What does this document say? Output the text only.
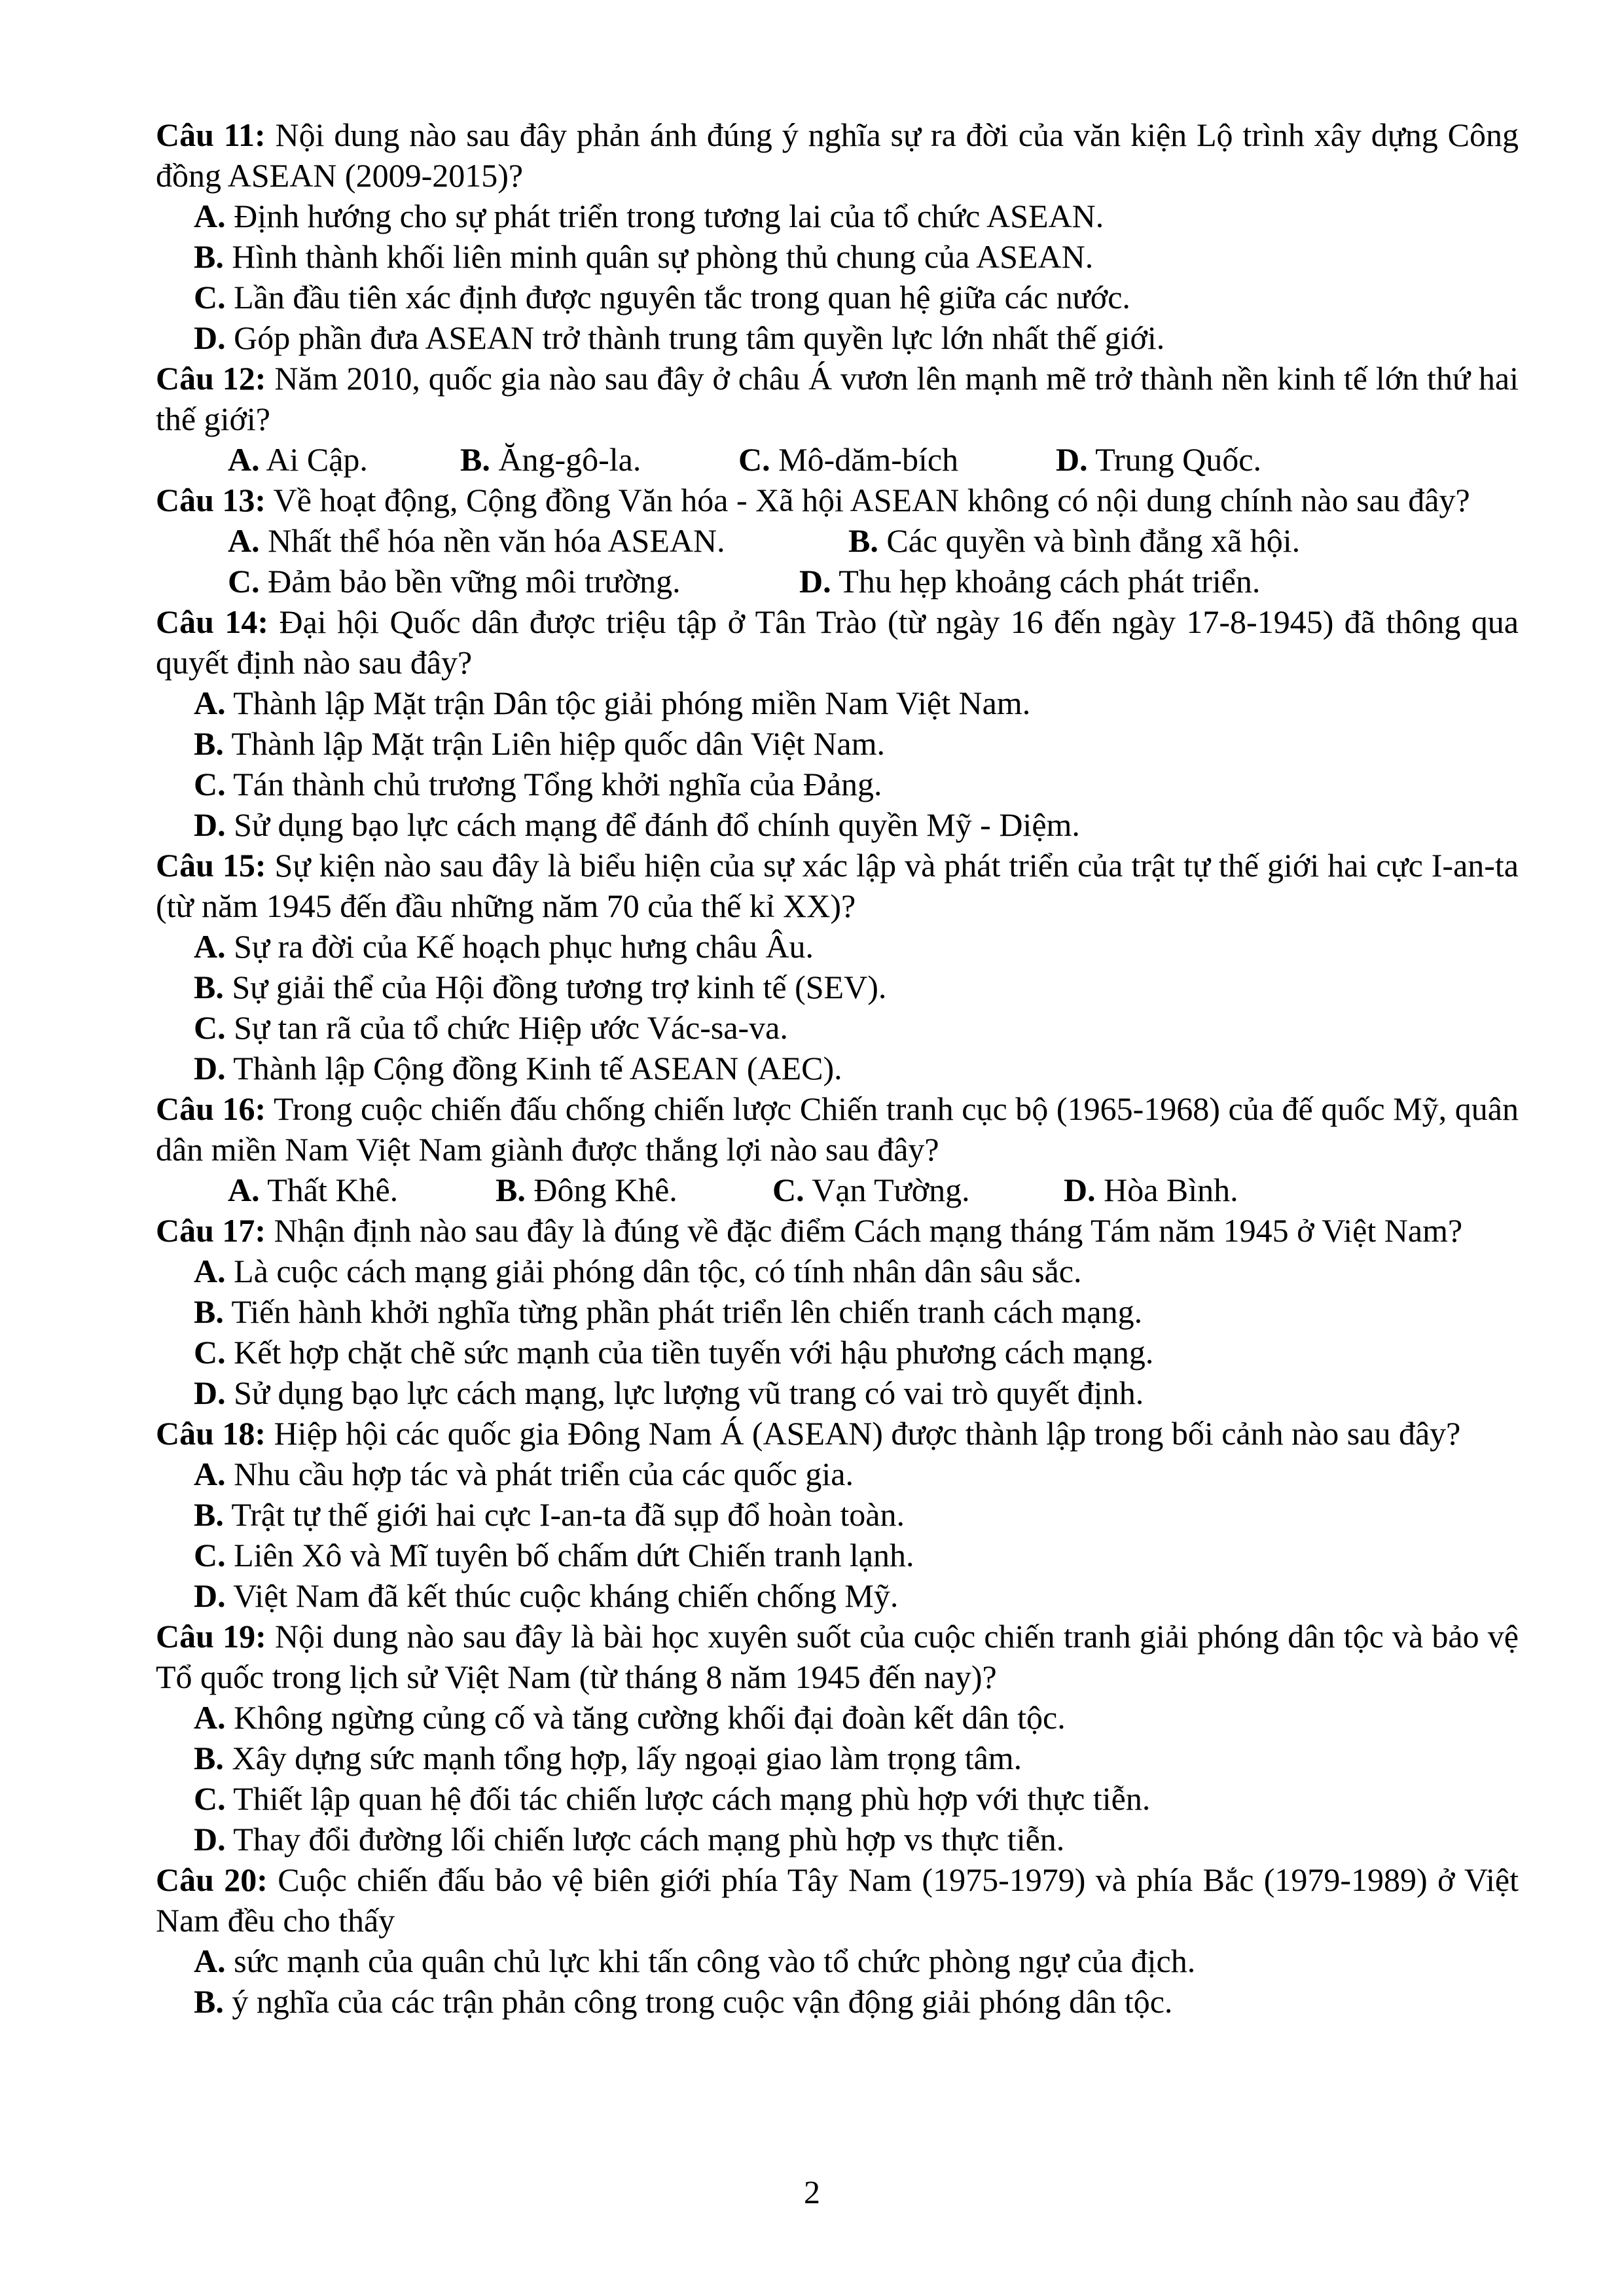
Câu 11: Nội dung nào sau đây phản ánh đúng ý nghĩa sự ra đời của văn kiện Lộ trình xây dựng Công đồng ASEAN (2009-2015)?
A. Định hướng cho sự phát triển trong tương lai của tổ chức ASEAN.
B. Hình thành khối liên minh quân sự phòng thủ chung của ASEAN.
C. Lần đầu tiên xác định được nguyên tắc trong quan hệ giữa các nước.
D. Góp phần đưa ASEAN trở thành trung tâm quyền lực lớn nhất thế giới.
Câu 12: Năm 2010, quốc gia nào sau đây ở châu Á vươn lên mạnh mẽ trở thành nền kinh tế lớn thứ hai thế giới?
A. Ai Cập.	B. Ăng-gô-la.	C. Mô-dăm-bích	D. Trung Quốc.
Câu 13: Về hoạt động, Cộng đồng Văn hóa - Xã hội ASEAN không có nội dung chính nào sau đây?
A. Nhất thể hóa nền văn hóa ASEAN.	B. Các quyền và bình đẳng xã hội.
C. Đảm bảo bền vững môi trường.	D. Thu hẹp khoảng cách phát triển.
Câu 14: Đại hội Quốc dân được triệu tập ở Tân Trào (từ ngày 16 đến ngày 17-8-1945) đã thông qua quyết định nào sau đây?
A. Thành lập Mặt trận Dân tộc giải phóng miền Nam Việt Nam.
B. Thành lập Mặt trận Liên hiệp quốc dân Việt Nam.
C. Tán thành chủ trương Tổng khởi nghĩa của Đảng.
D. Sử dụng bạo lực cách mạng để đánh đổ chính quyền Mỹ - Diệm.
Câu 15: Sự kiện nào sau đây là biểu hiện của sự xác lập và phát triển của trật tự thế giới hai cực I-an-ta (từ năm 1945 đến đầu những năm 70 của thế kỉ XX)?
A. Sự ra đời của Kế hoạch phục hưng châu Âu.
B. Sự giải thể của Hội đồng tương trợ kinh tế (SEV).
C. Sự tan rã của tổ chức Hiệp ước Vác-sa-va.
D. Thành lập Cộng đồng Kinh tế ASEAN (AEC).
Câu 16: Trong cuộc chiến đấu chống chiến lược Chiến tranh cục bộ (1965-1968) của đế quốc Mỹ, quân dân miền Nam Việt Nam giành được thắng lợi nào sau đây?
A. Thất Khê.	B. Đông Khê.	C. Vạn Tường.	D. Hòa Bình.
Câu 17: Nhận định nào sau đây là đúng về đặc điểm Cách mạng tháng Tám năm 1945 ở Việt Nam?
A. Là cuộc cách mạng giải phóng dân tộc, có tính nhân dân sâu sắc.
B. Tiến hành khởi nghĩa từng phần phát triển lên chiến tranh cách mạng.
C. Kết hợp chặt chẽ sức mạnh của tiền tuyến với hậu phương cách mạng.
D. Sử dụng bạo lực cách mạng, lực lượng vũ trang có vai trò quyết định.
Câu 18: Hiệp hội các quốc gia Đông Nam Á (ASEAN) được thành lập trong bối cảnh nào sau đây?
A. Nhu cầu hợp tác và phát triển của các quốc gia.
B. Trật tự thế giới hai cực I-an-ta đã sụp đổ hoàn toàn.
C. Liên Xô và Mĩ tuyên bố chấm dứt Chiến tranh lạnh.
D. Việt Nam đã kết thúc cuộc kháng chiến chống Mỹ.
Câu 19: Nội dung nào sau đây là bài học xuyên suốt của cuộc chiến tranh giải phóng dân tộc và bảo vệ Tổ quốc trong lịch sử Việt Nam (từ tháng 8 năm 1945 đến nay)?
A. Không ngừng củng cố và tăng cường khối đại đoàn kết dân tộc.
B. Xây dựng sức mạnh tổng hợp, lấy ngoại giao làm trọng tâm.
C. Thiết lập quan hệ đối tác chiến lược cách mạng phù hợp với thực tiễn.
D. Thay đổi đường lối chiến lược cách mạng phù hợp vs thực tiễn.
Câu 20: Cuộc chiến đấu bảo vệ biên giới phía Tây Nam (1975-1979) và phía Bắc (1979-1989) ở Việt Nam đều cho thấy
A. sức mạnh của quân chủ lực khi tấn công vào tổ chức phòng ngự của địch.
B. ý nghĩa của các trận phản công trong cuộc vận động giải phóng dân tộc.
2
